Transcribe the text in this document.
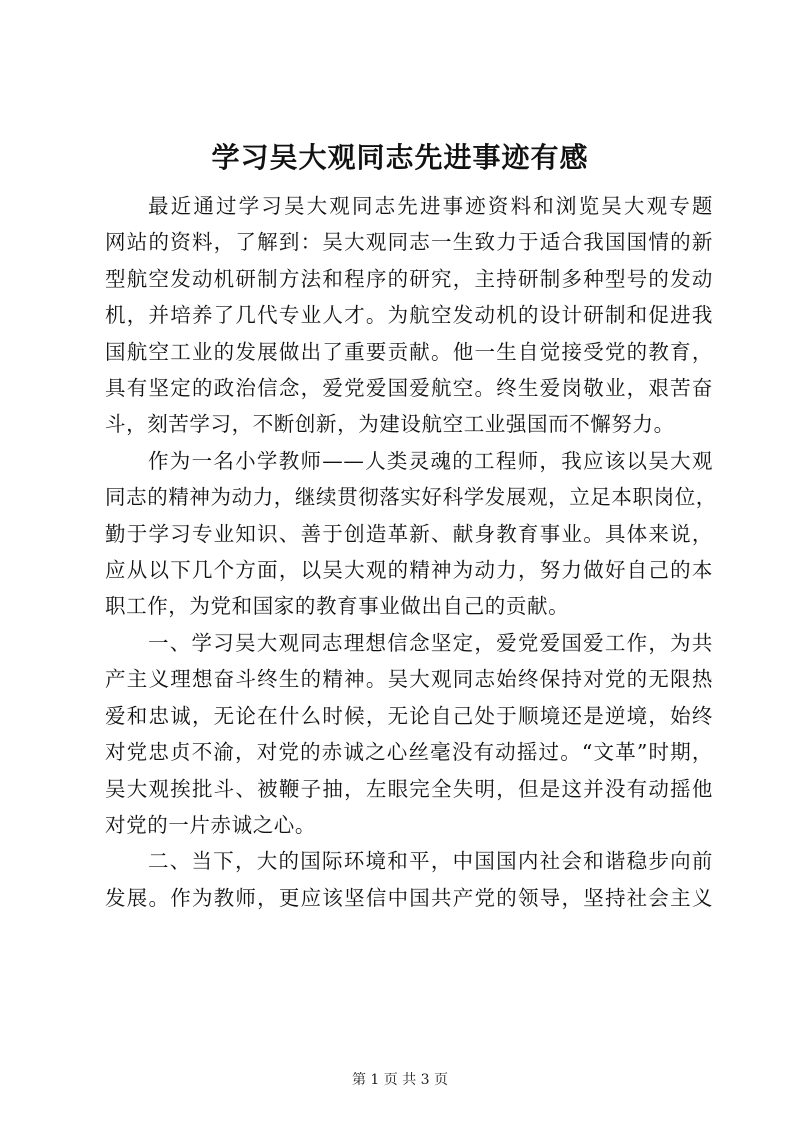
学习吴大观同志先进事迹有感

最近通过学习吴大观同志先进事迹资料和浏览吴大观专题
网站的资料，了解到：吴大观同志一生致力于适合我国国情的新
型航空发动机研制方法和程序的研究，主持研制多种型号的发动
机，并培养了几代专业人才。为航空发动机的设计研制和促进我
国航空工业的发展做出了重要贡献。他一生自觉接受党的教育，
具有坚定的政治信念，爱党爱国爱航空。终生爱岗敬业，艰苦奋
斗，刻苦学习，不断创新，为建设航空工业强国而不懈努力。

作为一名小学教师——人类灵魂的工程师，我应该以吴大观
同志的精神为动力，继续贯彻落实好科学发展观，立足本职岗位，
勤于学习专业知识、善于创造革新、献身教育事业。具体来说，
应从以下几个方面，以吴大观的精神为动力，努力做好自己的本
职工作，为党和国家的教育事业做出自己的贡献。

一、学习吴大观同志理想信念坚定，爱党爱国爱工作，为共
产主义理想奋斗终生的精神。吴大观同志始终保持对党的无限热
爱和忠诚，无论在什么时候，无论自己处于顺境还是逆境，始终
对党忠贞不渝，对党的赤诚之心丝毫没有动摇过。“文革”时期，
吴大观挨批斗、被鞭子抽，左眼完全失明，但是这并没有动摇他
对党的一片赤诚之心。

二、当下，大的国际环境和平，中国国内社会和谐稳步向前
发展。作为教师，更应该坚信中国共产党的领导，坚持社会主义

第 1 页 共 3 页
